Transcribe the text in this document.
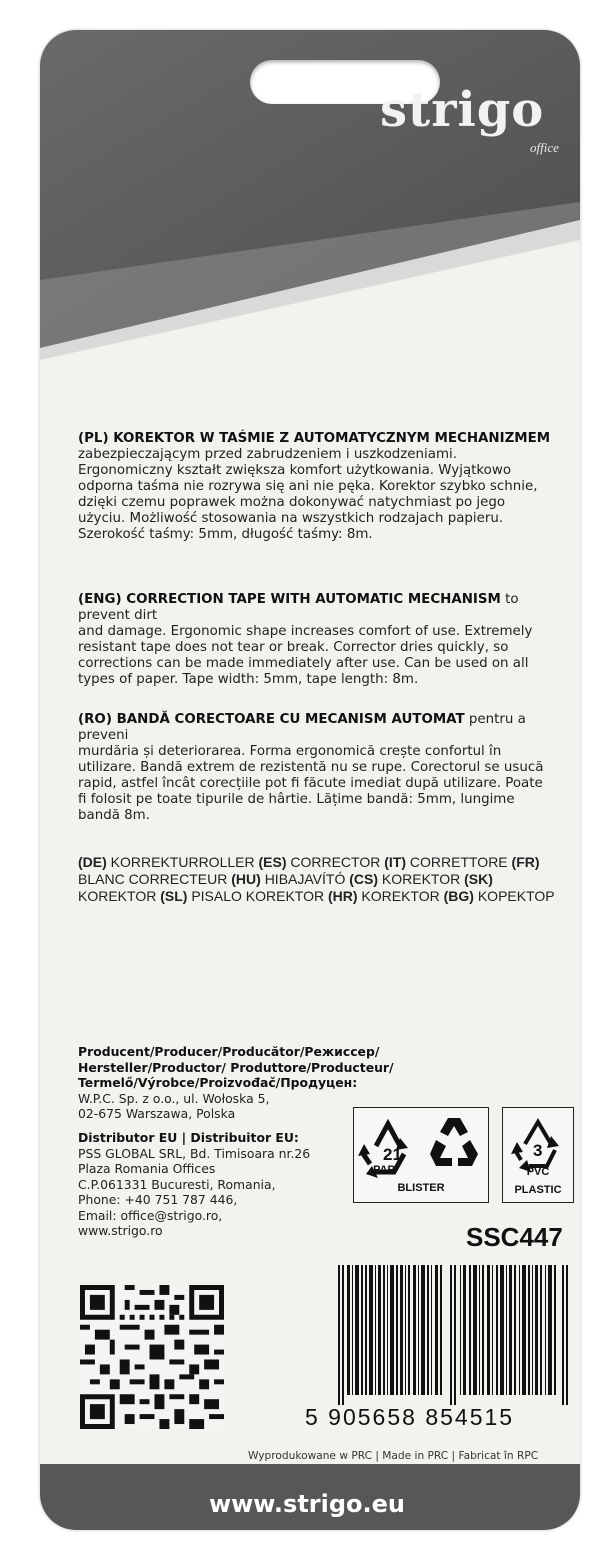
strigo
office
(PL) KOREKTOR W TAŚMIE Z AUTOMATYCZNYM MECHANIZMEM
zabezpieczającym przed zabrudzeniem i uszkodzeniami.
Ergonomiczny kształt zwiększa komfort użytkowania. Wyjątkowo
odporna taśma nie rozrywa się ani nie pęka. Korektor szybko schnie,
dzięki czemu poprawek można dokonywać natychmiast po jego
użyciu. Możliwość stosowania na wszystkich rodzajach papieru.
Szerokość taśmy: 5mm, długość taśmy: 8m.
(ENG) CORRECTION TAPE WITH AUTOMATIC MECHANISM to prevent dirt
and damage. Ergonomic shape increases comfort of use. Extremely
resistant tape does not tear or break. Corrector dries quickly, so
corrections can be made immediately after use. Can be used on all
types of paper. Tape width: 5mm, tape length: 8m.
(RO) BANDĂ CORECTOARE CU MECANISM AUTOMAT pentru a preveni
murdăria și deteriorarea. Forma ergonomică crește confortul în
utilizare. Bandă extrem de rezistentă nu se rupe. Corectorul se usucă
rapid, astfel încât corecțiile pot fi făcute imediat după utilizare. Poate
fi folosit pe toate tipurile de hârtie. Lățime bandă: 5mm, lungime
bandă 8m.
(DE) KORREKTURROLLER (ES) CORRECTOR (IT) CORRETTORE (FR)
BLANC CORRECTEUR (HU) HIBAJAVÍTÓ (CS) KOREKTOR (SK)
KOREKTOR (SL) PISALO KOREKTOR (HR) KOREKTOR (BG) KOPEKTOP
Producent/Producer/Producător/Режиссер/
Hersteller/Productor/ Produttore/Producteur/
Termelő/Výrobce/Proizvođač/Продуцен:
W.P.C. Sp. z o.o., ul. Wołoska 5,
02-675 Warszawa, Polska
Distributor EU | Distribuitor EU:
PSS GLOBAL SRL, Bd. Timisoara nr.26
Plaza Romania Offices
C.P.061331 Bucuresti, Romania,
Phone: +40 751 787 446,
Email: office@strigo.ro,
www.strigo.ro
21
PAP
BLISTER
3
PVC
PLASTIC
SSC447
5 905658 854515
Wyprodukowane w PRC | Made in PRC | Fabricat în RPC
www.strigo.eu
